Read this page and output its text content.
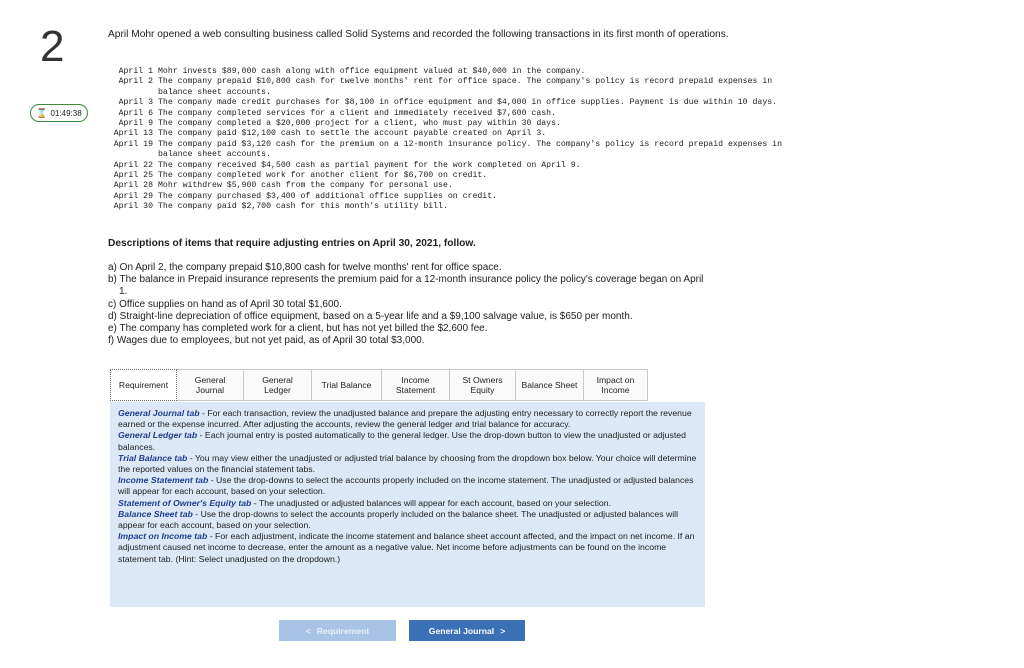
2
⌛ 01:49:38
April Mohr opened a web consulting business called Solid Systems and recorded the following transactions in its first month of operations.
April 1 Mohr invests $89,000 cash along with office equipment valued at $40,000 in the company.
April 2 The company prepaid $10,800 cash for twelve months' rent for office space. The company's policy is record prepaid expenses in balance sheet accounts.
April 3 The company made credit purchases for $8,100 in office equipment and $4,000 in office supplies. Payment is due within 10 days.
April 6 The company completed services for a client and immediately received $7,600 cash.
April 9 The company completed a $20,000 project for a client, who must pay within 30 days.
April 13 The company paid $12,100 cash to settle the account payable created on April 3.
April 19 The company paid $3,120 cash for the premium on a 12-month insurance policy. The company's policy is record prepaid expenses in balance sheet accounts.
April 22 The company received $4,500 cash as partial payment for the work completed on April 9.
April 25 The company completed work for another client for $6,700 on credit.
April 28 Mohr withdrew $5,900 cash from the company for personal use.
April 29 The company purchased $3,400 of additional office supplies on credit.
April 30 The company paid $2,700 cash for this month's utility bill.
Descriptions of items that require adjusting entries on April 30, 2021, follow.
a) On April 2, the company prepaid $10,800 cash for twelve months' rent for office space.
b) The balance in Prepaid insurance represents the premium paid for a 12-month insurance policy the policy's coverage began on April
1.
c) Office supplies on hand as of April 30 total $1,600.
d) Straight-line depreciation of office equipment, based on a 5-year life and a $9,100 salvage value, is $650 per month.
e) The company has completed work for a client, but has not yet billed the $2,600 fee.
f) Wages due to employees, but not yet paid, as of April 30 total $3,000.
Requirement	General Journal
General Ledger	Trial Balance	Income Statement
St Owners Equity	Balance Sheet	Impact on Income
General Journal tab - For each transaction, review the unadjusted balance and prepare the adjusting entry necessary to correctly report the revenue earned or the expense incurred. After adjusting the accounts, review the general ledger and trial balance for accuracy.
General Ledger tab - Each journal entry is posted automatically to the general ledger. Use the drop-down button to view the unadjusted or adjusted balances.
Trial Balance tab - You may view either the unadjusted or adjusted trial balance by choosing from the dropdown box below. Your choice will determine the reported values on the financial statement tabs.
Income Statement tab - Use the drop-downs to select the accounts properly included on the income statement. The unadjusted or adjusted balances will appear for each account, based on your selection.
Statement of Owner's Equity tab - The unadjusted or adjusted balances will appear for each account, based on your selection.
Balance Sheet tab - Use the drop-downs to select the accounts properly included on the balance sheet. The unadjusted or adjusted balances will appear for each account, based on your selection.
Impact on Income tab - For each adjustment, indicate the income statement and balance sheet account affected, and the impact on net income. If an adjustment caused net income to decrease, enter the amount as a negative value. Net income before adjustments can be found on the income statement tab. (Hint: Select unadjusted on the dropdown.)
< Requirement	General Journal >
